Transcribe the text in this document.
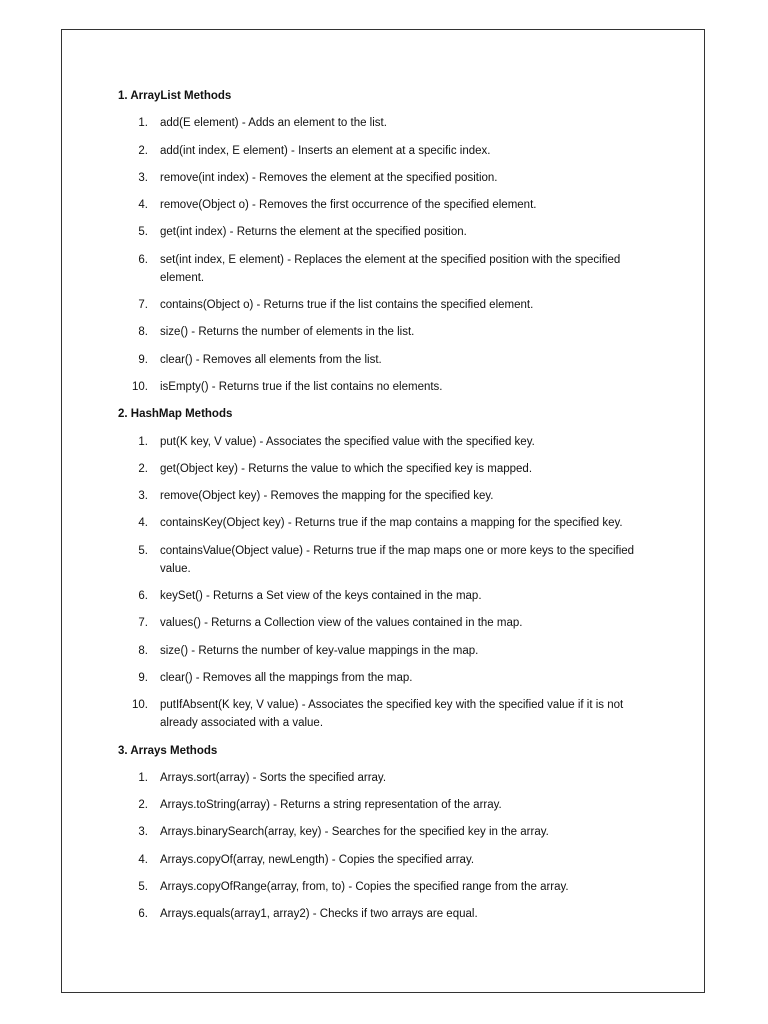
1. ArrayList Methods
1. add(E element) - Adds an element to the list.
2. add(int index, E element) - Inserts an element at a specific index.
3. remove(int index) - Removes the element at the specified position.
4. remove(Object o) - Removes the first occurrence of the specified element.
5. get(int index) - Returns the element at the specified position.
6. set(int index, E element) - Replaces the element at the specified position with the specified element.
7. contains(Object o) - Returns true if the list contains the specified element.
8. size() - Returns the number of elements in the list.
9. clear() - Removes all elements from the list.
10. isEmpty() - Returns true if the list contains no elements.
2. HashMap Methods
1. put(K key, V value) - Associates the specified value with the specified key.
2. get(Object key) - Returns the value to which the specified key is mapped.
3. remove(Object key) - Removes the mapping for the specified key.
4. containsKey(Object key) - Returns true if the map contains a mapping for the specified key.
5. containsValue(Object value) - Returns true if the map maps one or more keys to the specified value.
6. keySet() - Returns a Set view of the keys contained in the map.
7. values() - Returns a Collection view of the values contained in the map.
8. size() - Returns the number of key-value mappings in the map.
9. clear() - Removes all the mappings from the map.
10. putIfAbsent(K key, V value) - Associates the specified key with the specified value if it is not already associated with a value.
3. Arrays Methods
1. Arrays.sort(array) - Sorts the specified array.
2. Arrays.toString(array) - Returns a string representation of the array.
3. Arrays.binarySearch(array, key) - Searches for the specified key in the array.
4. Arrays.copyOf(array, newLength) - Copies the specified array.
5. Arrays.copyOfRange(array, from, to) - Copies the specified range from the array.
6. Arrays.equals(array1, array2) - Checks if two arrays are equal.
